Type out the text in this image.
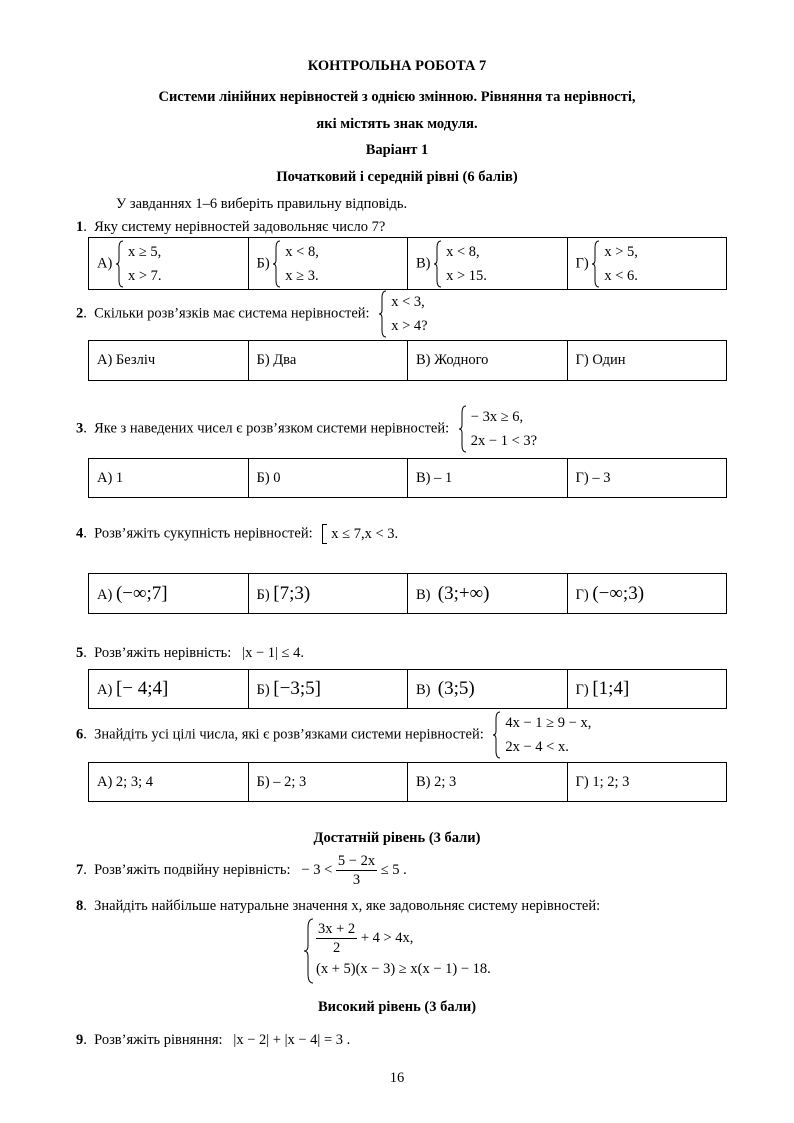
КОНТРОЛЬНА РОБОТА 7
Системи лінійних нерівностей з однією змінною. Рівняння та нерівності,
які містять знак модуля.
Варіант 1
Початковий і середній рівні (6 балів)
У завданнях 1–6 виберіть правильну відповідь.
1.  Яку систему нерівностей задовольняє число 7?
А)
x ≥ 5,
x > 7.
	Б)
x < 8,
x ≥ 3.
	В)
x < 8,
x > 15.
	Г)
x > 5,
x < 6.
2.  Скільки розв’язків має система нерівностей:
x < 3,
x > 4?
А) Безліч	Б) Два	В) Жодного	Г) Один
3.  Яке з наведених чисел є розв’язком системи нерівностей:
− 3x ≥ 6,
2x − 1 < 3?
А) 1	Б) 0	В) – 1	Г) – 3
4.  Розв’яжіть сукупність нерівностей: x ≤ 7,x < 3.
А) (−∞;7]	Б) [7;3)	В) (3;+∞)	Г) (−∞;3)
5.  Розв’яжіть нерівність: |x − 1| ≤ 4.
А) [− 4;4]	Б) [−3;5]	В) (3;5)	Г) [1;4]
6.  Знайдіть усі цілі числа, які є розв’язками системи нерівностей:
4x − 1 ≥ 9 − x,
2x − 4 < x.
А) 2; 3; 4	Б) – 2; 3	В) 2; 3	Г) 1; 2; 3
Достатній рівень (3 бали)
7.  Розв’яжіть подвійну нерівність: − $3 < \frac{5 - 2x}{3} \le 5$ .
8.  Знайдіть найбільше натуральне значення x, яке задовольняє систему нерівностей:
$\frac{3x + 2}{2} + 4 > 4x$,
(x + 5)(x − 3) ≥ x(x − 1) − 18.
Високий рівень (3 бали)
9.  Розв’яжіть рівняння: |x − 2| + |x − 4| = 3 .
16
